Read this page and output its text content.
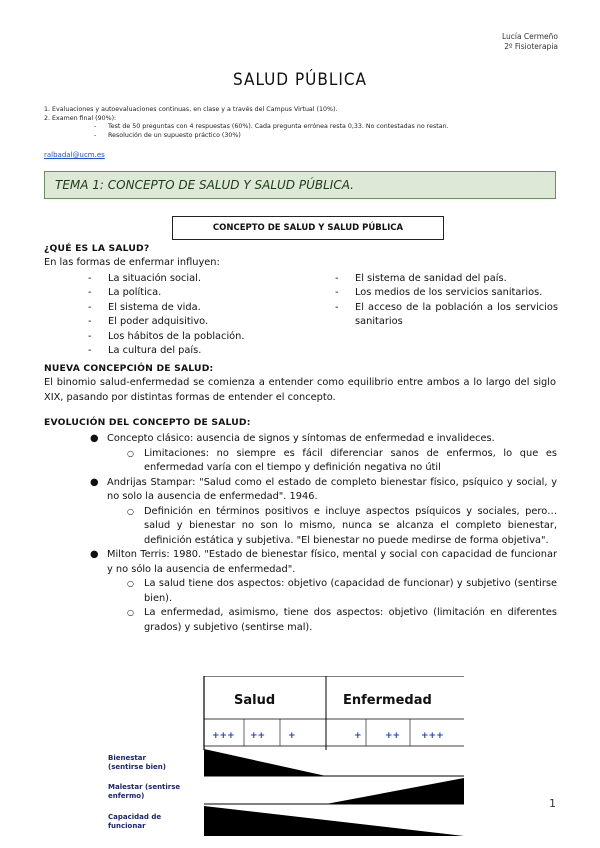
Lucía Cermeño
2º Fisioterapia
SALUD PÚBLICA
1. Evaluaciones y autoevaluaciones continuas, en clase y a través del Campus Virtual (10%).
2. Examen final (90%):
- Test de 50 preguntas con 4 respuestas (60%). Cada pregunta errónea resta 0,33. No contestadas no restan.
- Resolución de un supuesto práctico (30%)
ralbadal@ucm.es
TEMA 1: CONCEPTO DE SALUD Y SALUD PÚBLICA.
CONCEPTO DE SALUD Y SALUD PÚBLICA
¿QUÉ ES LA SALUD?
En las formas de enfermar influyen:
- La situación social.
- La política.
- El sistema de vida.
- El poder adquisitivo.
- Los hábitos de la población.
- La cultura del país.
- El sistema de sanidad del país.
- Los medios de los servicios sanitarios.
- El acceso de la población a los servicios sanitarios
NUEVA CONCEPCIÓN DE SALUD:
El binomio salud-enfermedad se comienza a entender como equilibrio entre ambos a lo largo del siglo XIX, pasando por distintas formas de entender el concepto.
EVOLUCIÓN DEL CONCEPTO DE SALUD:
● Concepto clásico: ausencia de signos y síntomas de enfermedad e invalideces.
○ Limitaciones: no siempre es fácil diferenciar sanos de enfermos, lo que es enfermedad varía con el tiempo y definición negativa no útil
● Andrijas Stampar: "Salud como el estado de completo bienestar físico, psíquico y social, y no solo la ausencia de enfermedad". 1946.
○ Definición en términos positivos e incluye aspectos psíquicos y sociales, pero…salud y bienestar no son lo mismo, nunca se alcanza el completo bienestar, definición estática y subjetiva. "El bienestar no puede medirse de forma objetiva".
● Milton Terris: 1980. "Estado de bienestar físico, mental y social con capacidad de funcionar y no sólo la ausencia de enfermedad".
○ La salud tiene dos aspectos: objetivo (capacidad de funcionar) y subjetivo (sentirse bien).
○ La enfermedad, asimismo, tiene dos aspectos: objetivo (limitación en diferentes grados) y subjetivo (sentirse mal).
Salud	Enfermedad
+++ ++	+	+	++ +++
Bienestar (sentirse bien)
Malestar (sentirse enfermo)
Capacidad de funcionar
1
